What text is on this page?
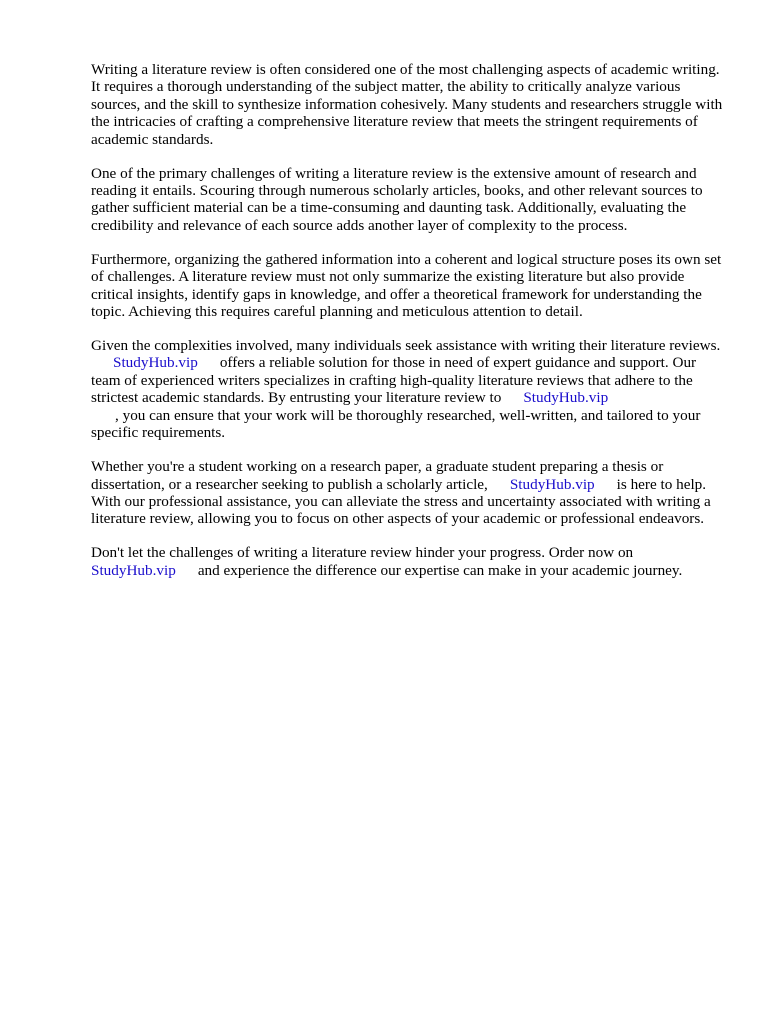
Writing a literature review is often considered one of the most challenging aspects of academic writing. It requires a thorough understanding of the subject matter, the ability to critically analyze various sources, and the skill to synthesize information cohesively. Many students and researchers struggle with the intricacies of crafting a comprehensive literature review that meets the stringent requirements of academic standards.

One of the primary challenges of writing a literature review is the extensive amount of research and reading it entails. Scouring through numerous scholarly articles, books, and other relevant sources to gather sufficient material can be a time-consuming and daunting task. Additionally, evaluating the credibility and relevance of each source adds another layer of complexity to the process.

Furthermore, organizing the gathered information into a coherent and logical structure poses its own set of challenges. A literature review must not only summarize the existing literature but also provide critical insights, identify gaps in knowledge, and offer a theoretical framework for understanding the topic. Achieving this requires careful planning and meticulous attention to detail.

Given the complexities involved, many individuals seek assistance with writing their literature reviews.StudyHub.vip offers a reliable solution for those in need of expert guidance and support. Our team of experienced writers specializes in crafting high-quality literature reviews that adhere to the strictest academic standards. By entrusting your literature review to StudyHub.vip
, you can ensure that your work will be thoroughly researched, well-written, and tailored to your specific requirements.

Whether you're a student working on a research paper, a graduate student preparing a thesis or dissertation, or a researcher seeking to publish a scholarly article, StudyHub.vip is here to help. With our professional assistance, you can alleviate the stress and uncertainty associated with writing a literature review, allowing you to focus on other aspects of your academic or professional endeavors.

Don't let the challenges of writing a literature review hinder your progress. Order now on
StudyHub.vip and experience the difference our expertise can make in your academic journey.
